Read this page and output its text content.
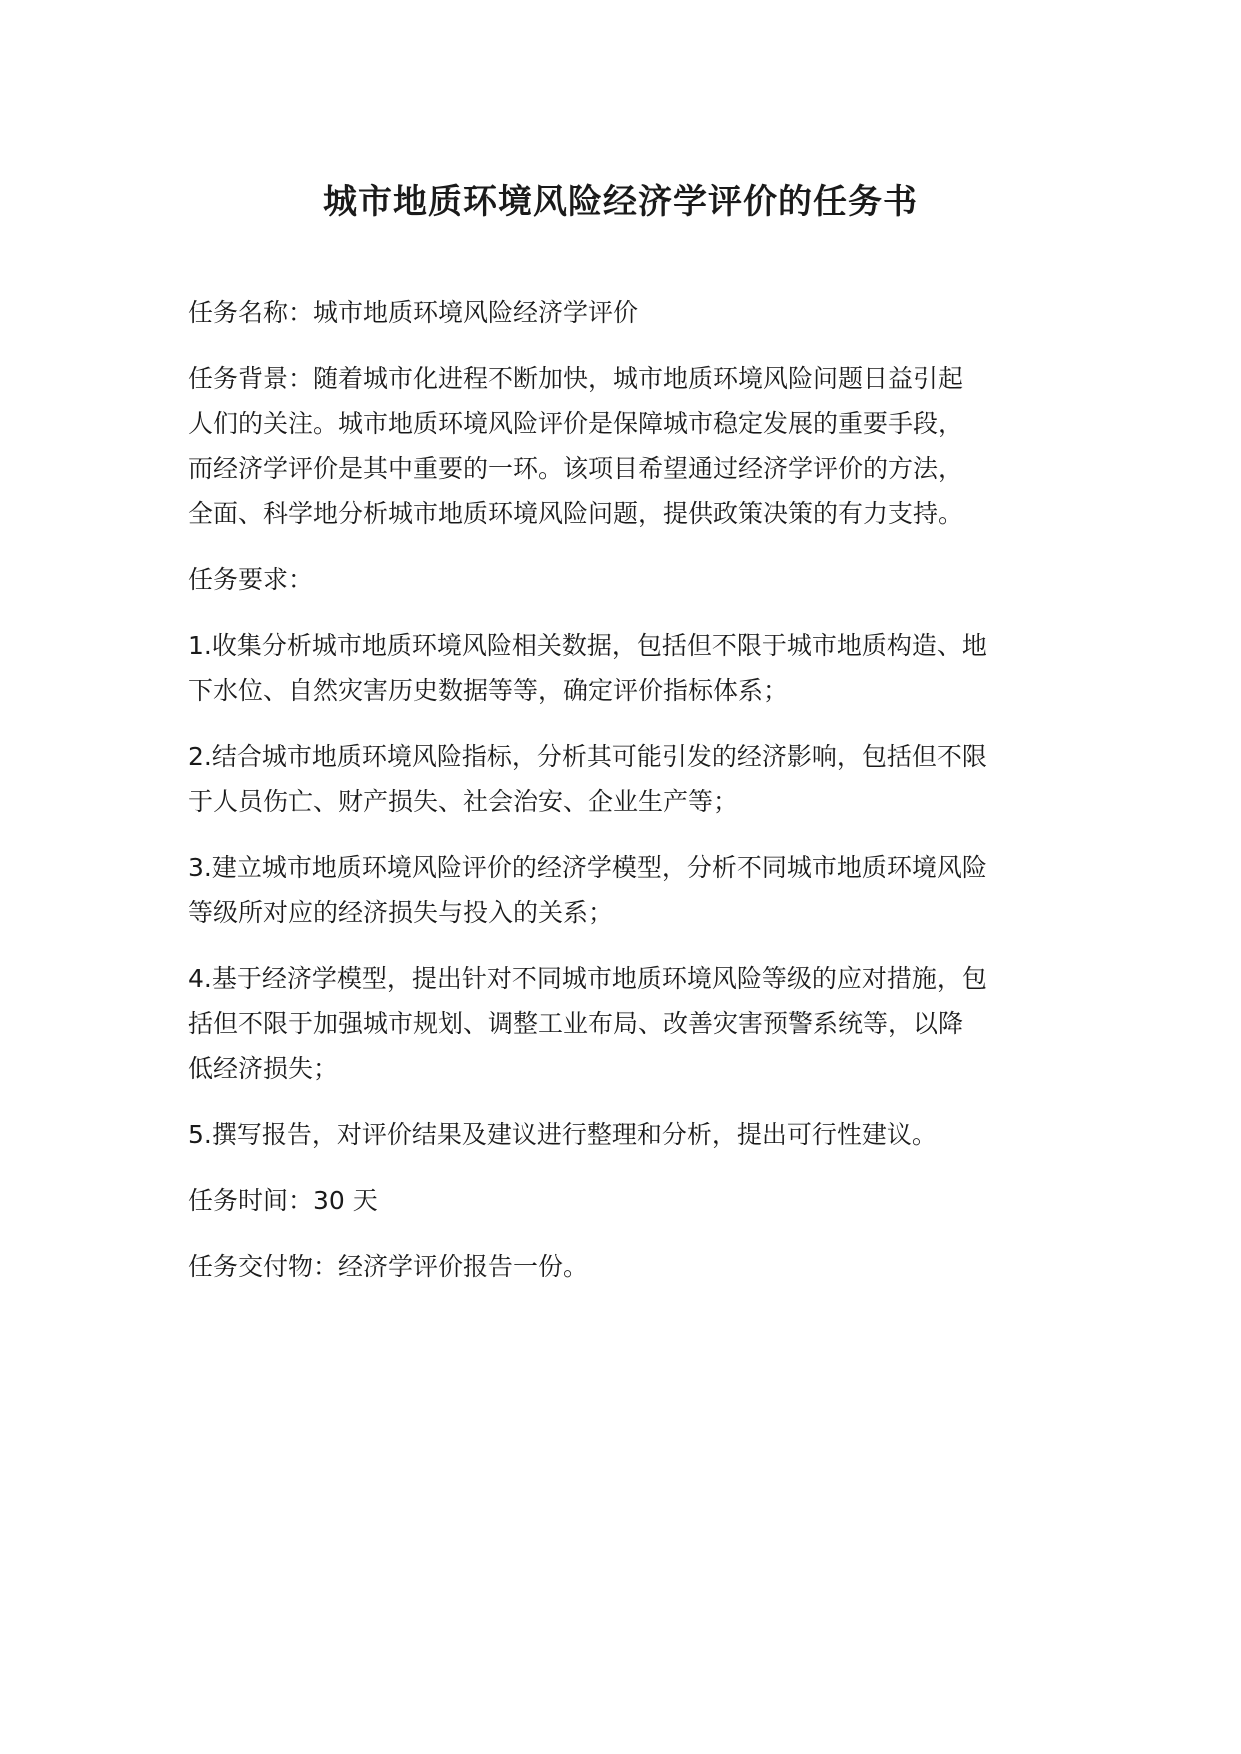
城市地质环境风险经济学评价的任务书

任务名称：城市地质环境风险经济学评价

任务背景：随着城市化进程不断加快，城市地质环境风险问题日益引起
人们的关注。城市地质环境风险评价是保障城市稳定发展的重要手段，
而经济学评价是其中重要的一环。该项目希望通过经济学评价的方法，
全面、科学地分析城市地质环境风险问题，提供政策决策的有力支持。

任务要求：

1.收集分析城市地质环境风险相关数据，包括但不限于城市地质构造、地
下水位、自然灾害历史数据等等，确定评价指标体系；

2.结合城市地质环境风险指标，分析其可能引发的经济影响，包括但不限
于人员伤亡、财产损失、社会治安、企业生产等；

3.建立城市地质环境风险评价的经济学模型，分析不同城市地质环境风险
等级所对应的经济损失与投入的关系；

4.基于经济学模型，提出针对不同城市地质环境风险等级的应对措施，包
括但不限于加强城市规划、调整工业布局、改善灾害预警系统等，以降
低经济损失；

5.撰写报告，对评价结果及建议进行整理和分析，提出可行性建议。

任务时间：30 天

任务交付物：经济学评价报告一份。
